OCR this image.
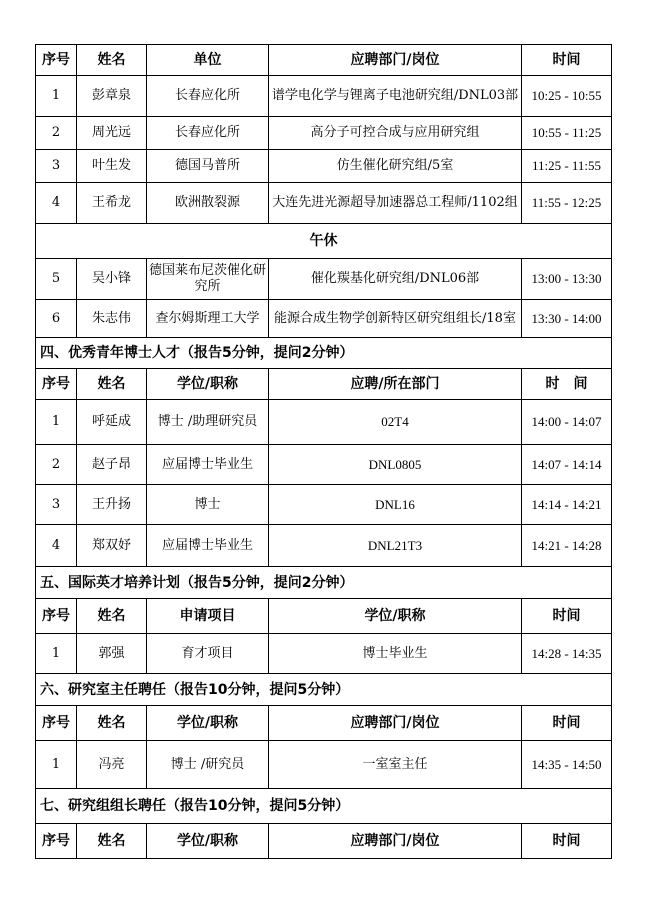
序号	姓名	单位	应聘部门/岗位	时间
1	彭章泉	长春应化所	谱学电化学与锂离子电池研究组/DNL03部	10:25 - 10:55
2	周光远	长春应化所	高分子可控合成与应用研究组	10:55 - 11:25
3	叶生发	德国马普所	仿生催化研究组/5室	11:25 - 11:55
4	王希龙	欧洲散裂源	大连先进光源超导加速器总工程师/1102组	11:55 - 12:25
午休				
5	吴小锋	德国莱布尼茨催化研究所	催化羰基化研究组/DNL06部	13:00 - 13:30
6	朱志伟	查尔姆斯理工大学	能源合成生物学创新特区研究组组长/18室	13:30 - 14:00
四、优秀青年博士人才（报告5分钟，提问2分钟）				
序号	姓名	学位/职称	应聘/所在部门	时　间
1	呼延成	博士 /助理研究员	02T4	14:00 - 14:07
2	赵子昂	应届博士毕业生	DNL0805	14:07 - 14:14
3	王升扬	博士	DNL16	14:14 - 14:21
4	郑双妤	应届博士毕业生	DNL21T3	14:21 - 14:28
五、国际英才培养计划（报告5分钟，提问2分钟）				
序号	姓名	申请项目	学位/职称	时间
1	郭强	育才项目	博士毕业生	14:28 - 14:35
六、研究室主任聘任（报告10分钟，提问5分钟）				
序号	姓名	学位/职称	应聘部门/岗位	时间
1	冯亮	博士 /研究员	一室室主任	14:35 - 14:50
七、研究组组长聘任（报告10分钟，提问5分钟）				
序号	姓名	学位/职称	应聘部门/岗位	时间
